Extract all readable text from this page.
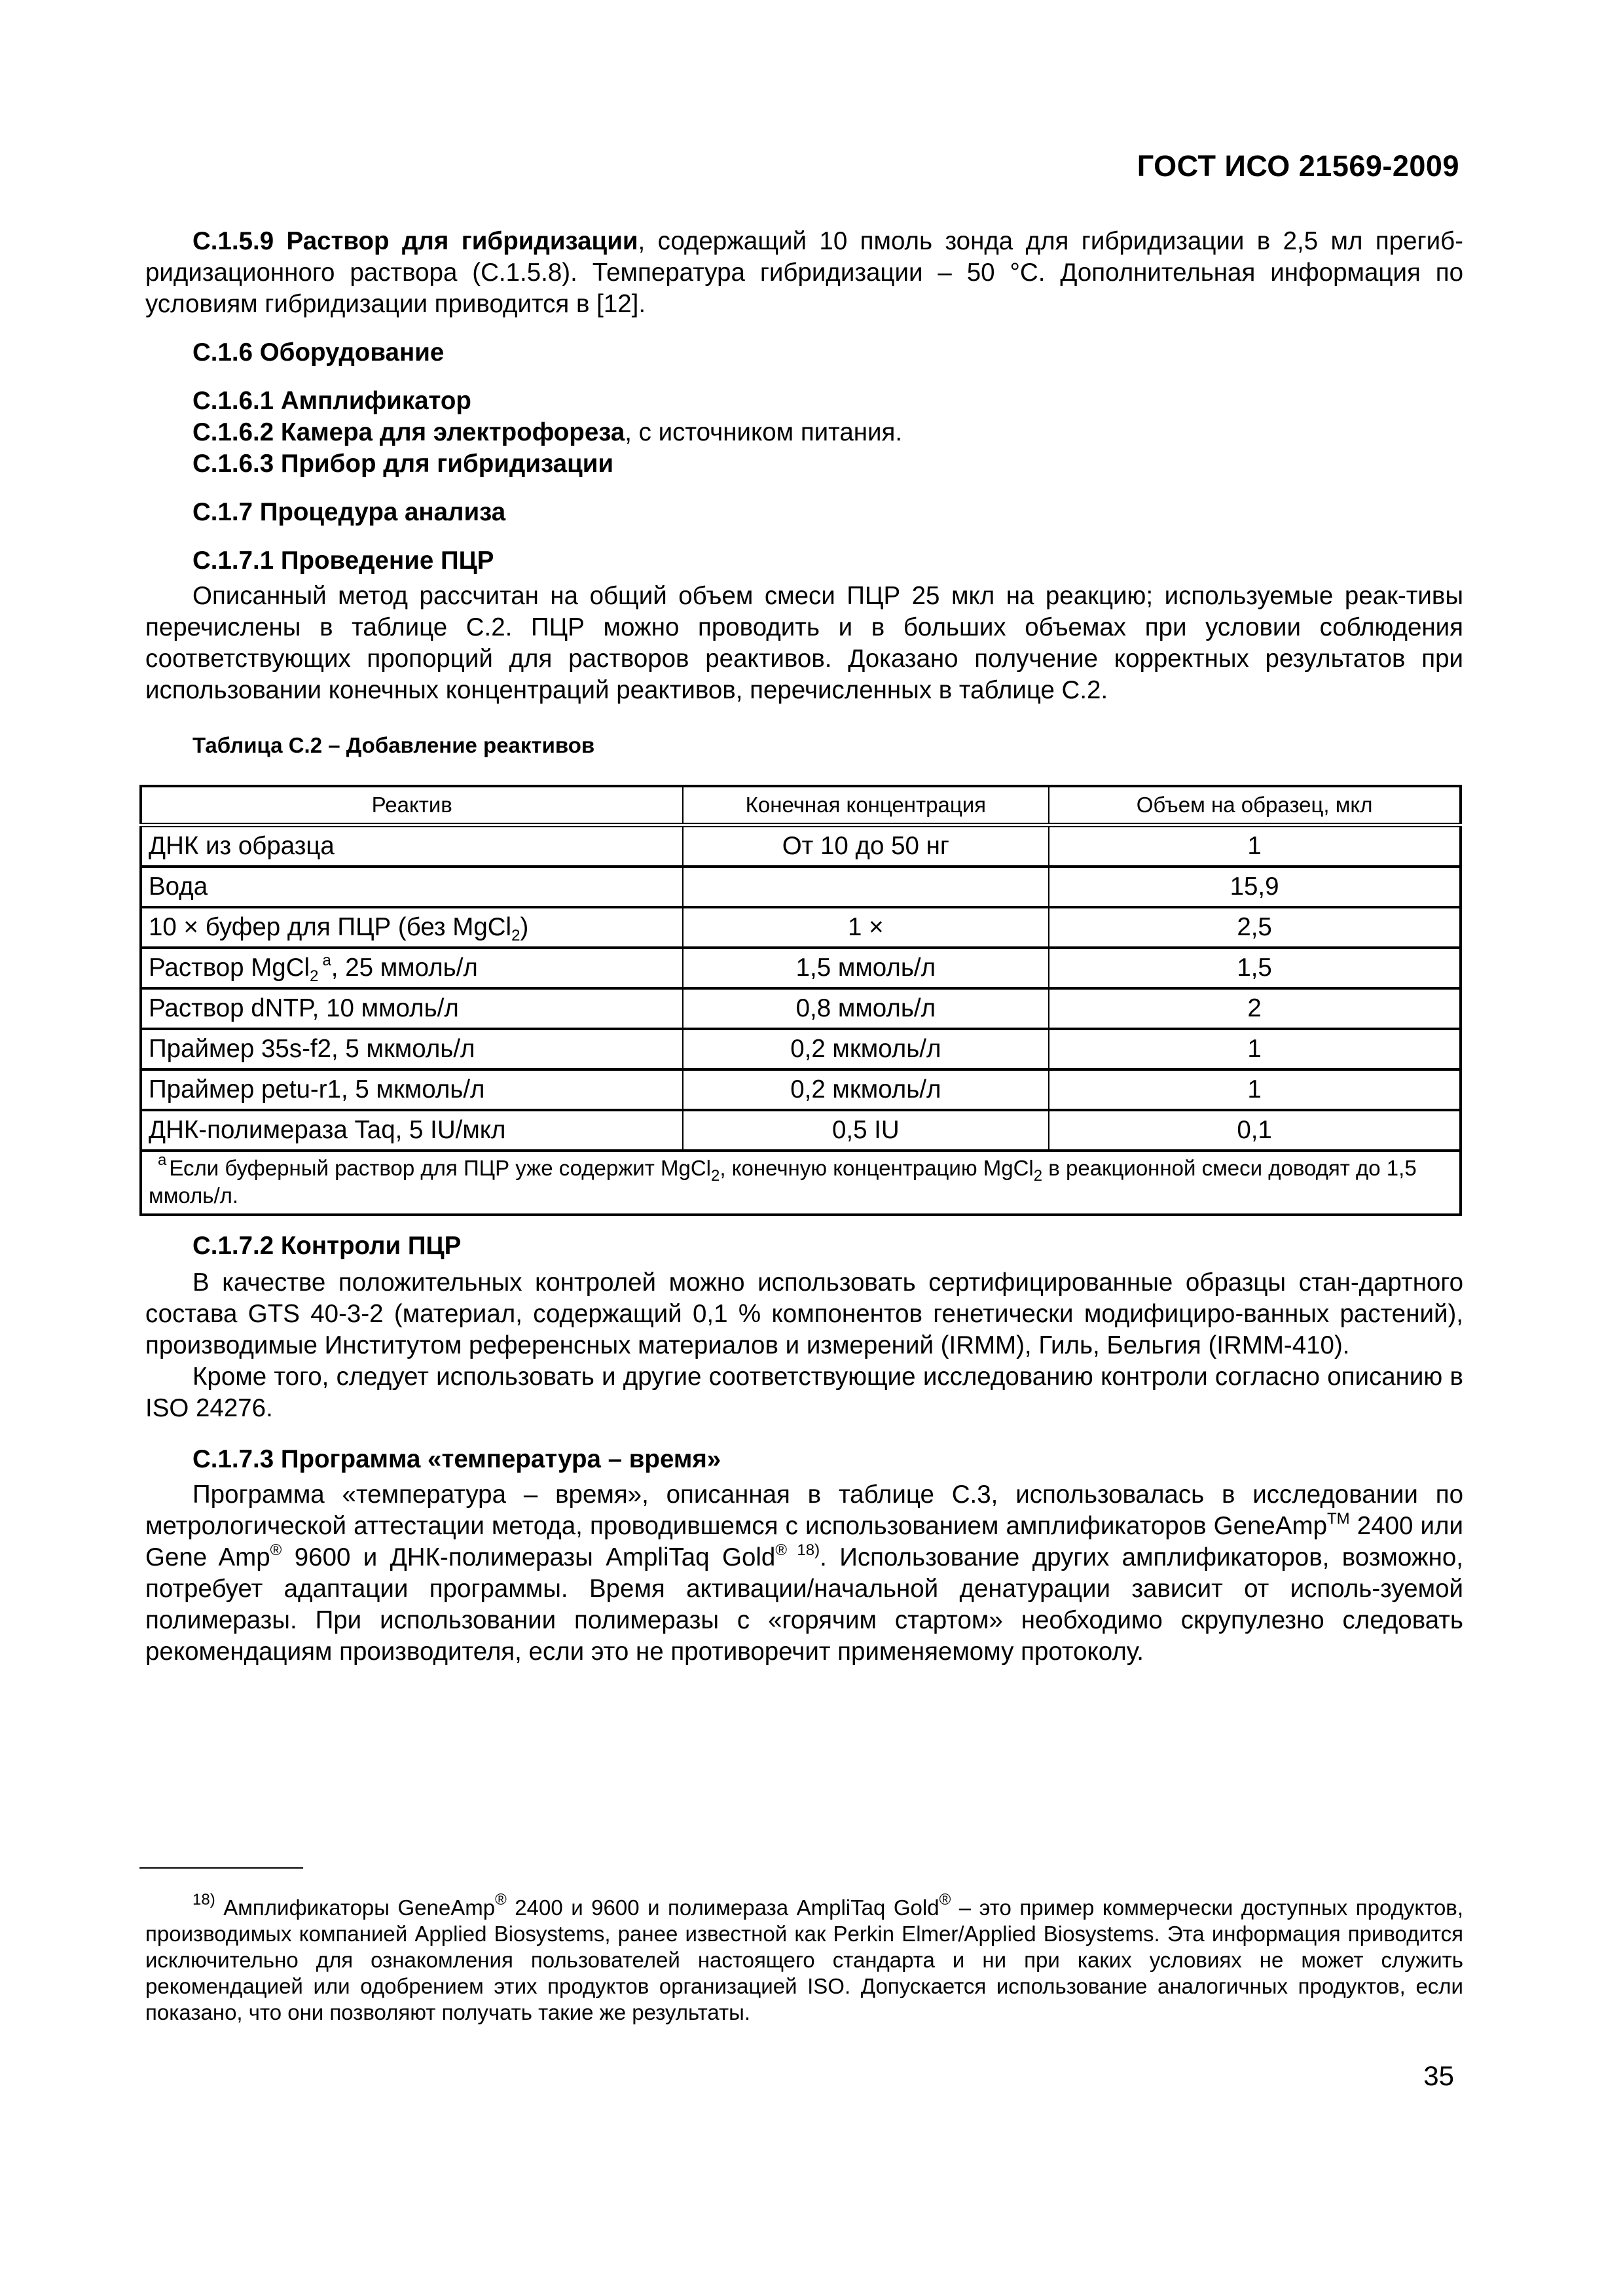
ГОСТ ИСО 21569-2009

С.1.5.9 Раствор для гибридизации, содержащий 10 пмоль зонда для гибридизации в 2,5 мл прегиб-ридизационного раствора (С.1.5.8). Температура гибридизации – 50 °С. Дополнительная информация по условиям гибридизации приводится в [12].

С.1.6 Оборудование
С.1.6.1 Амплификатор

С.1.6.2 Камера для электрофореза, с источником питания.

С.1.6.3 Прибор для гибридизации
С.1.7 Процедура анализа
С.1.7.1 Проведение ПЦР

Описанный метод рассчитан на общий объем смеси ПЦР 25 мкл на реакцию; используемые реак-тивы перечислены в таблице С.2. ПЦР можно проводить и в больших объемах при условии соблюдения соответствующих пропорций для растворов реактивов. Доказано получение корректных результатов при использовании конечных концентраций реактивов, перечисленных в таблице С.2.

Таблица С.2 – Добавление реактивов
Реактив	Конечная концентрация	Объем на образец, мкл
ДНК из образца	От 10 до 50 нг	1
Вода		15,9
10 × буфер для ПЦР (без MgCl$_2$)	1 ×	2,5
Раствор MgCl$_2^a$, 25 ммоль/л	1,5 ммоль/л	1,5
Раствор dNTP, 10 ммоль/л	0,8 ммоль/л	2
Праймер 35s-f2, 5 мкмоль/л	0,2 мкмоль/л	1
Праймер petu-r1, 5 мкмоль/л	0,2 мкмоль/л	1
ДНК-полимераза Taq, 5 IU/мкл	0,5 IU	0,1
$^a$ Если буферный раствор для ПЦР уже содержит MgCl$_2$, конечную концентрацию MgCl$_2$ в реакционной смеси доводят до 1,5 ммоль/л.		
С.1.7.2 Контроли ПЦР

В качестве положительных контролей можно использовать сертифицированные образцы стан-дартного состава GTS 40-3-2 (материал, содержащий 0,1 % компонентов генетически модифициро-ванных растений), производимые Институтом референсных материалов и измерений (IRMM), Гиль, Бельгия (IRMM-410).

Кроме того, следует использовать и другие соответствующие исследованию контроли согласно описанию в ISO 24276.

С.1.7.3 Программа «температура – время»

Программа «температура – время», описанная в таблице С.3, использовалась в исследовании по метрологической аттестации метода, проводившемся с использованием амплификаторов GeneAmp™ 2400 или Gene Amp® 9600 и ДНК-полимеразы AmpliTaq Gold® $^{18)}$. Использование других амплификаторов, возможно, потребует адаптации программы. Время активации/начальной денатурации зависит от исполь-зуемой полимеразы. При использовании полимеразы с «горячим стартом» необходимо скрупулезно следовать рекомендациям производителя, если это не противоречит применяемому протоколу.

$^{18)}$ Амплификаторы GeneAmp® 2400 и 9600 и полимераза AmpliTaq Gold® – это пример коммерчески доступных продуктов, производимых компанией Applied Biosystems, ранее известной как Perkin Elmer/Applied Biosystems. Эта информация приводится исключительно для ознакомления пользователей настоящего стандарта и ни при каких условиях не может служить рекомендацией или одобрением этих продуктов организацией ISO. Допускается использование аналогичных продуктов, если показано, что они позволяют получать такие же результаты.

35
